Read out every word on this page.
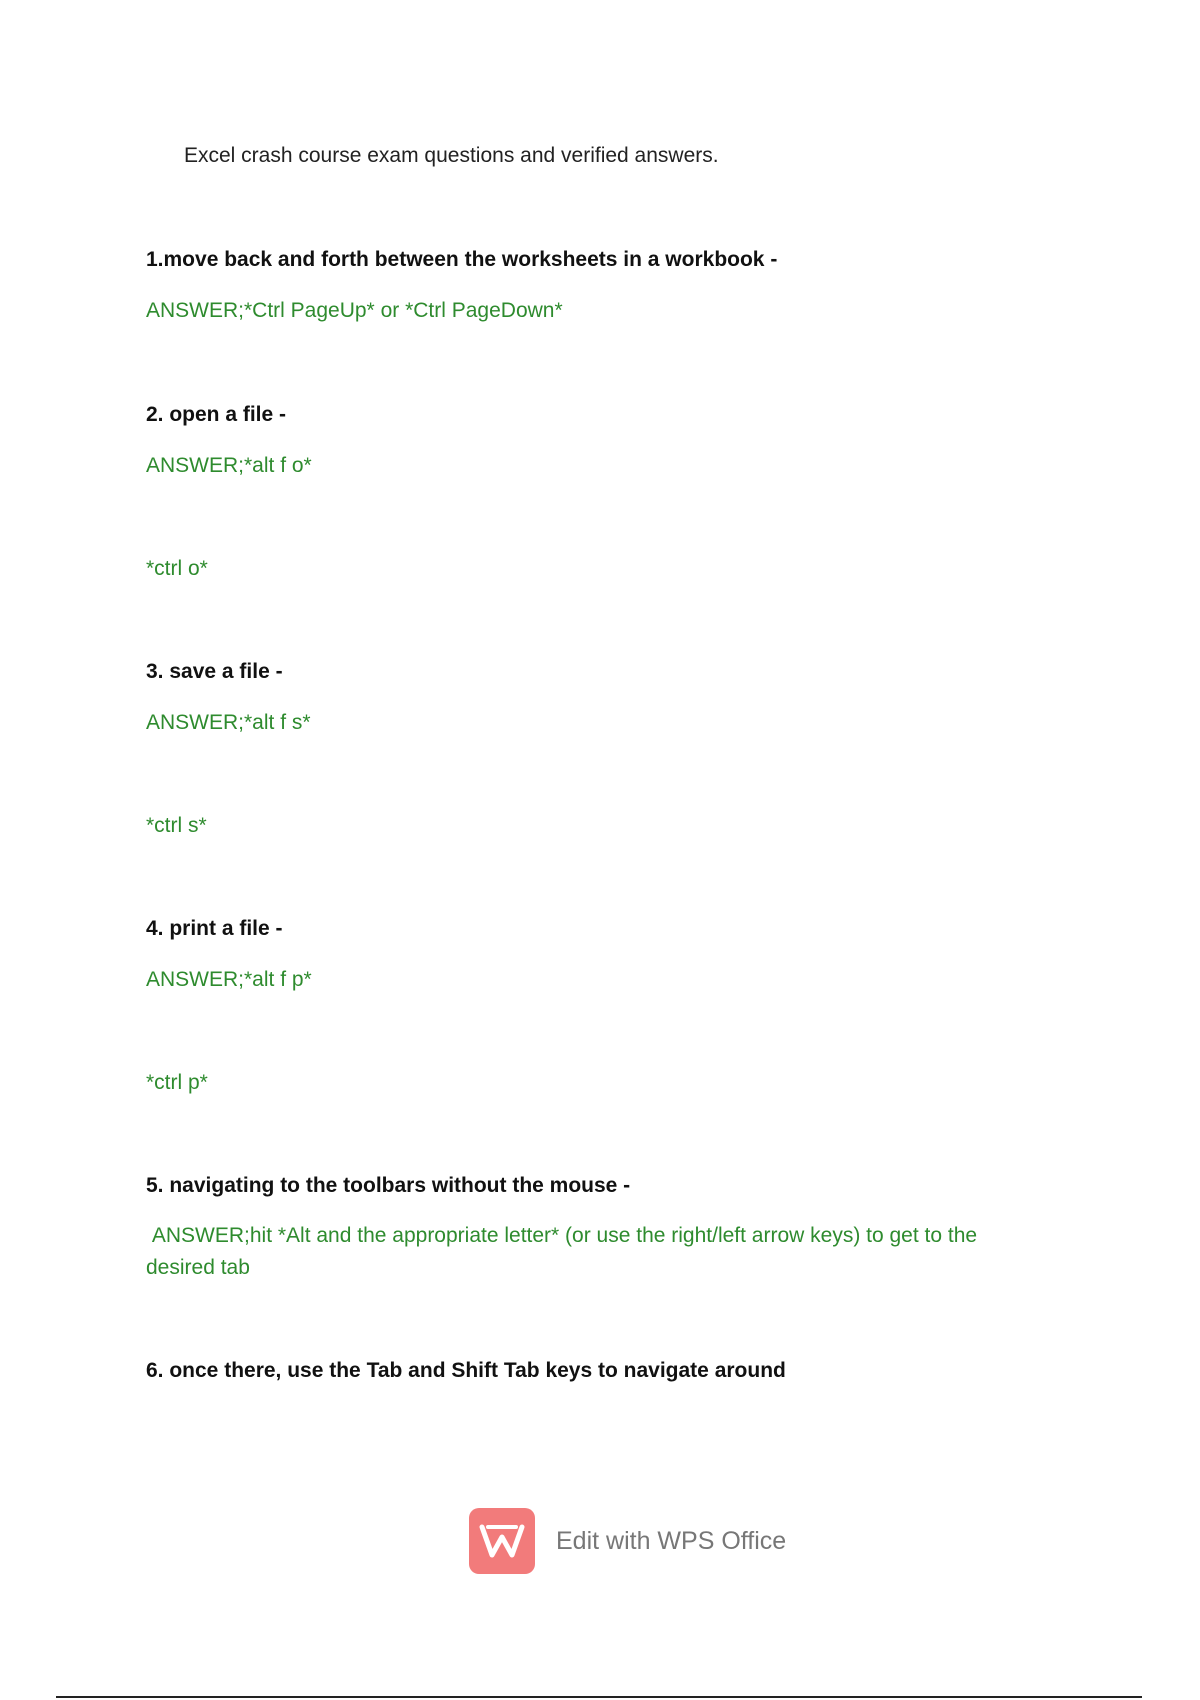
Excel crash course exam questions and verified answers.
1.move back and forth between the worksheets in a workbook -
ANSWER;*Ctrl PageUp* or *Ctrl PageDown*
2. open a file -
ANSWER;*alt f o*
*ctrl o*
3. save a file -
ANSWER;*alt f s*
*ctrl s*
4. print a file -
ANSWER;*alt f p*
*ctrl p*
5. navigating to the toolbars without the mouse -
ANSWER;hit *Alt and the appropriate letter* (or use the right/left arrow keys) to get to the desired tab
6. once there, use the Tab and Shift Tab keys to navigate around
Edit with WPS Office
